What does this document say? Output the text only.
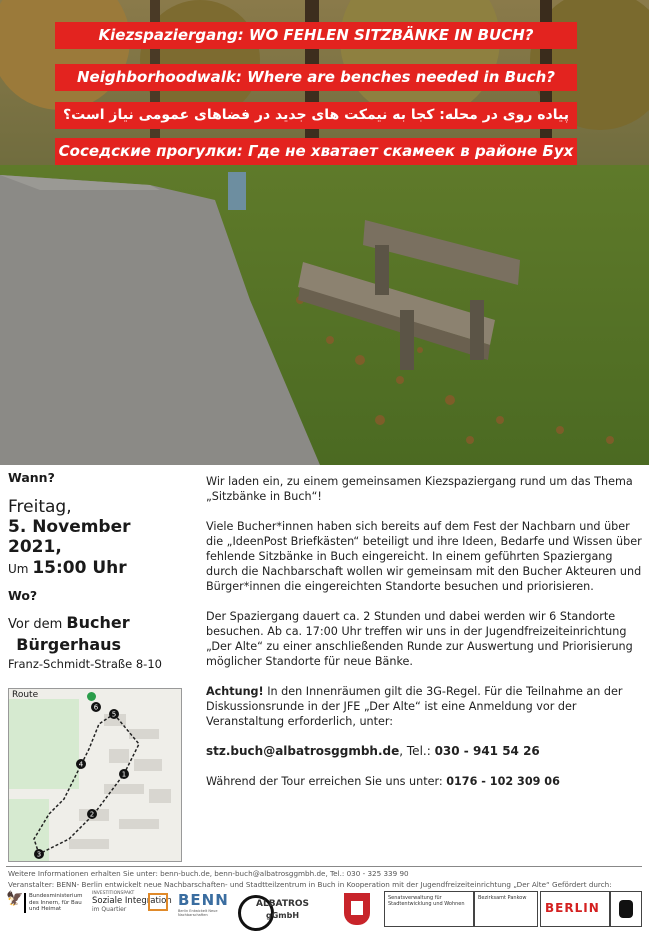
Kiezspaziergang: WO FEHLEN SITZBÄNKE IN BUCH?
Neighborhoodwalk: Where are benches needed in Buch?
پیاده روی در محله: کجا به نیمکت های جدید در فضاهای عمومی نیاز است؟
Соседские прогулки: Где не хватает скамеек в районе Бух
Wann?
Freitag,
5. November
2021,
Um 15:00 Uhr
Wo?
Vor dem Bucher
Bürgerhaus
Franz-Schmidt-Straße 8-10
1
2
3
4
5
6
Route

Wir laden ein, zu einem gemeinsamen Kiezspaziergang rund um das Thema „Sitzbänke in Buch“!

Viele Bucher*innen haben sich bereits auf dem Fest der Nachbarn und über die „IdeenPost Briefkästen“ beteiligt und ihre Ideen, Bedarfe und Wissen über fehlende Sitzbänke in Buch eingereicht. In einem geführten Spaziergang durch die Nachbarschaft wollen wir gemeinsam mit den Bucher Akteuren und Bürger*innen die eingereichten Standorte besuchen und priorisieren.

Der Spaziergang dauert ca. 2 Stunden und dabei werden wir 6 Standorte besuchen. Ab ca. 17:00 Uhr treffen wir uns in der Jugendfreizeiteinrichtung „Der Alte“ zu einer anschließenden Runde zur Auswertung und Priorisierung möglicher Standorte für neue Bänke.

Achtung! In den Innenräumen gilt die 3G-Regel. Für die Teilnahme an der Diskussionsrunde in der JFE „Der Alte“ ist eine Anmeldung vor der Veranstaltung erforderlich, unter:

stz.buch@albatrosggmbh.de, Tel.: 030 - 941 54 26
Während der Tour erreichen Sie uns unter: 0176 - 102 309 06
Weitere Informationen erhalten Sie unter: benn-buch.de, benn-buch@albatrosggmbh.de, Tel.: 030 - 325 339 90
Veranstalter: BENN- Berlin entwickelt neue Nachbarschaften- und Stadtteilzentrum in Buch in Kooperation mit der Jugendfreizeiteinrichtung „Der Alte“ Gefördert durch:
🦅	Bundesministerium des Innern, für Bau und Heimat
INVESTITIONSPAKT
Soziale Integration
im Quartier
BENN
Berlin Entwickelt Neue Nachbarschaften
ALBATROS
gGmbH
Senatsverwaltung für Stadtentwicklung und Wohnen
Bezirksamt Pankow
BERLIN
